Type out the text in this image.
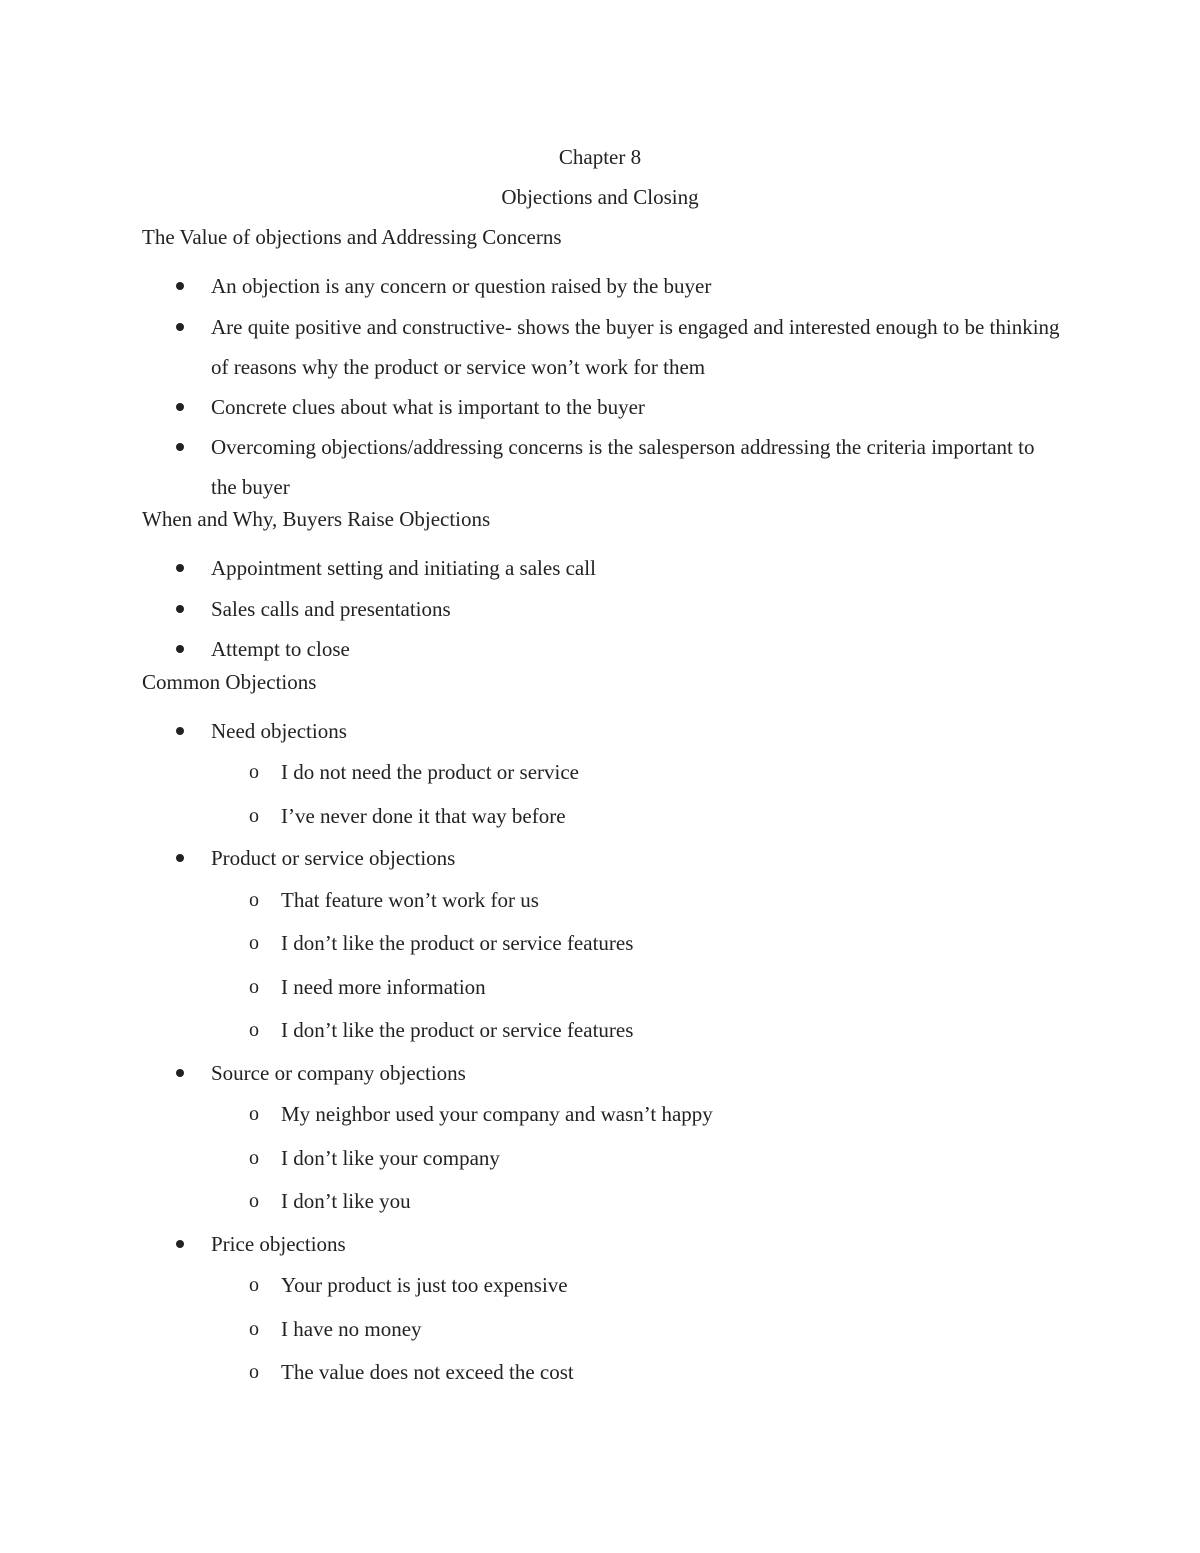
Chapter 8
Objections and Closing
The Value of objections and Addressing Concerns
An objection is any concern or question raised by the buyer
Are quite positive and constructive- shows the buyer is engaged and interested enough to be thinking of reasons why the product or service won’t work for them
Concrete clues about what is important to the buyer
Overcoming objections/addressing concerns is the salesperson addressing the criteria important to the buyer
When and Why, Buyers Raise Objections
Appointment setting and initiating a sales call
Sales calls and presentations
Attempt to close
Common Objections
Need objections
o I do not need the product or service
o I’ve never done it that way before
Product or service objections
o That feature won’t work for us
o I don’t like the product or service features
o I need more information
o I don’t like the product or service features
Source or company objections
o My neighbor used your company and wasn’t happy
o I don’t like your company
o I don’t like you
Price objections
o Your product is just too expensive
o I have no money
o The value does not exceed the cost
